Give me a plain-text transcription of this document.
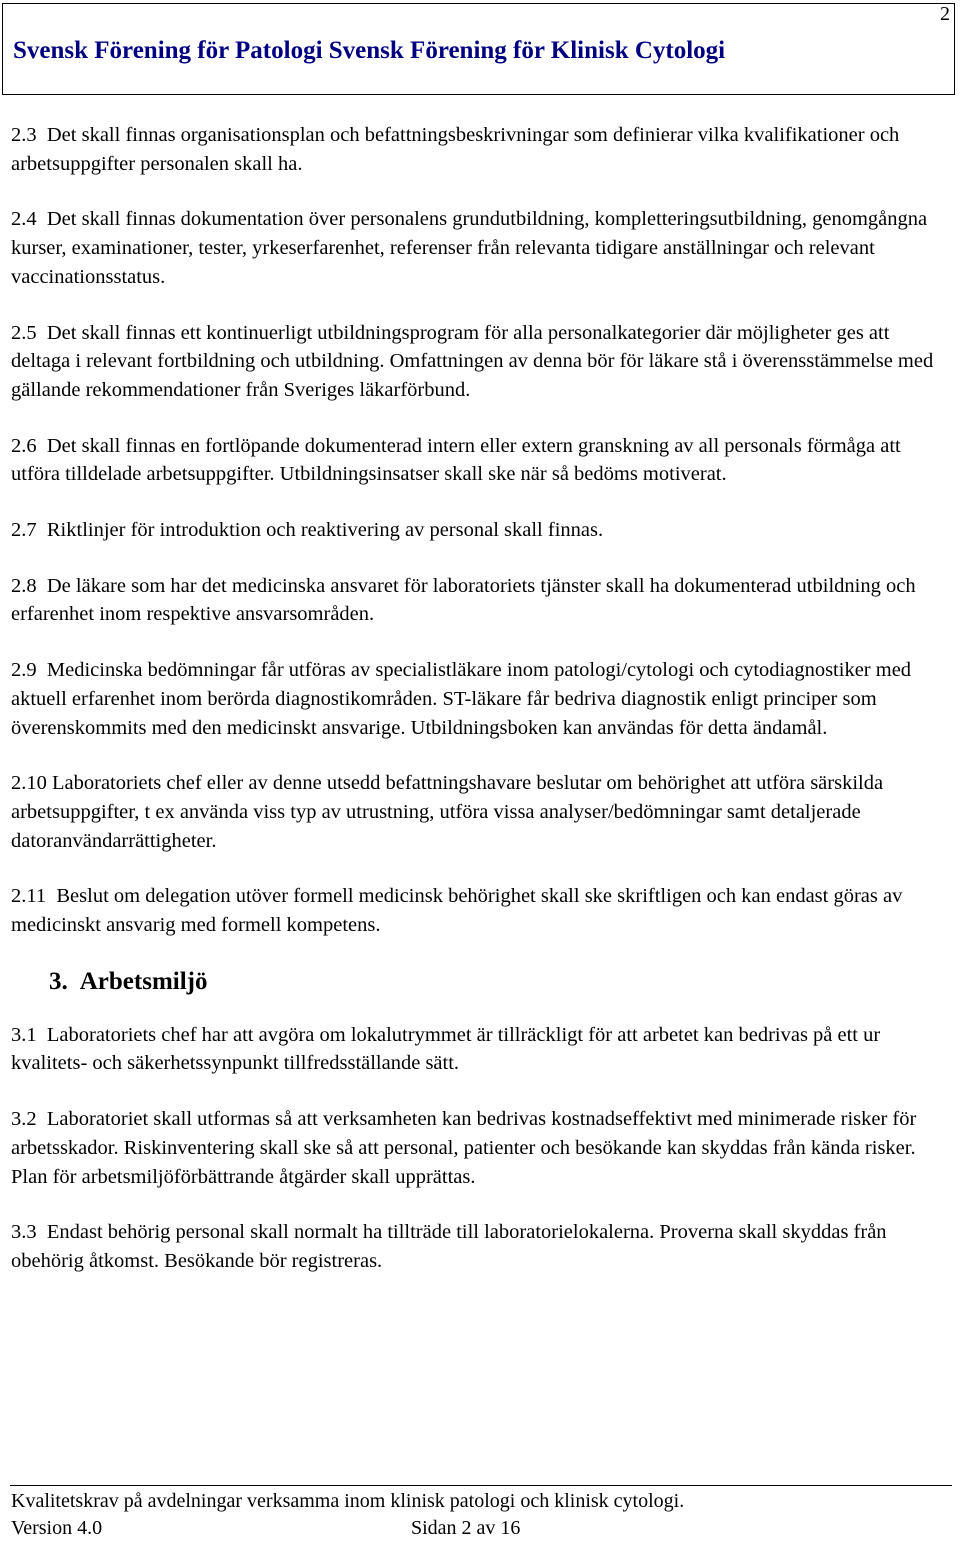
2
Svensk Förening för Patologi Svensk Förening för Klinisk Cytologi

2.3 Det skall finnas organisationsplan och befattningsbeskrivningar som definierar vilka kvalifikationer och arbetsuppgifter personalen skall ha.

2.4 Det skall finnas dokumentation över personalens grundutbildning, kompletteringsutbildning, genomgångna kurser, examinationer, tester, yrkeserfarenhet, referenser från relevanta tidigare anställningar och relevant vaccinationsstatus.

2.5 Det skall finnas ett kontinuerligt utbildningsprogram för alla personalkategorier där möjligheter ges att deltaga i relevant fortbildning och utbildning. Omfattningen av denna bör för läkare stå i överensstämmelse med gällande rekommendationer från Sveriges läkarförbund.

2.6 Det skall finnas en fortlöpande dokumenterad intern eller extern granskning av all personals förmåga att utföra tilldelade arbetsuppgifter. Utbildningsinsatser skall ske när så bedöms motiverat.

2.7 Riktlinjer för introduktion och reaktivering av personal skall finnas.

2.8 De läkare som har det medicinska ansvaret för laboratoriets tjänster skall ha dokumenterad utbildning och erfarenhet inom respektive ansvarsområden.

2.9 Medicinska bedömningar får utföras av specialistläkare inom patologi/cytologi och cytodiagnostiker med aktuell erfarenhet inom berörda diagnostikområden. ST-läkare får bedriva diagnostik enligt principer som överenskommits med den medicinskt ansvarige. Utbildningsboken kan användas för detta ändamål.

2.10 Laboratoriets chef eller av denne utsedd befattningshavare beslutar om behörighet att utföra särskilda arbetsuppgifter, t ex använda viss typ av utrustning, utföra vissa analyser/bedömningar samt detaljerade datoranvändarrättigheter.

2.11 Beslut om delegation utöver formell medicinsk behörighet skall ske skriftligen och kan endast göras av medicinskt ansvarig med formell kompetens.

3. Arbetsmiljö

3.1 Laboratoriets chef har att avgöra om lokalutrymmet är tillräckligt för att arbetet kan bedrivas på ett ur kvalitets- och säkerhetssynpunkt tillfredsställande sätt.

3.2 Laboratoriet skall utformas så att verksamheten kan bedrivas kostnadseffektivt med minimerade risker för arbetsskador. Riskinventering skall ske så att personal, patienter och besökande kan skyddas från kända risker. Plan för arbetsmiljöförbättrande åtgärder skall upprättas.

3.3 Endast behörig personal skall normalt ha tillträde till laboratorielokalerna. Proverna skall skyddas från obehörig åtkomst. Besökande bör registreras.

Kvalitetskrav på avdelningar verksamma inom klinisk patologi och klinisk cytologi.
Version 4.0	Sidan 2 av 16
